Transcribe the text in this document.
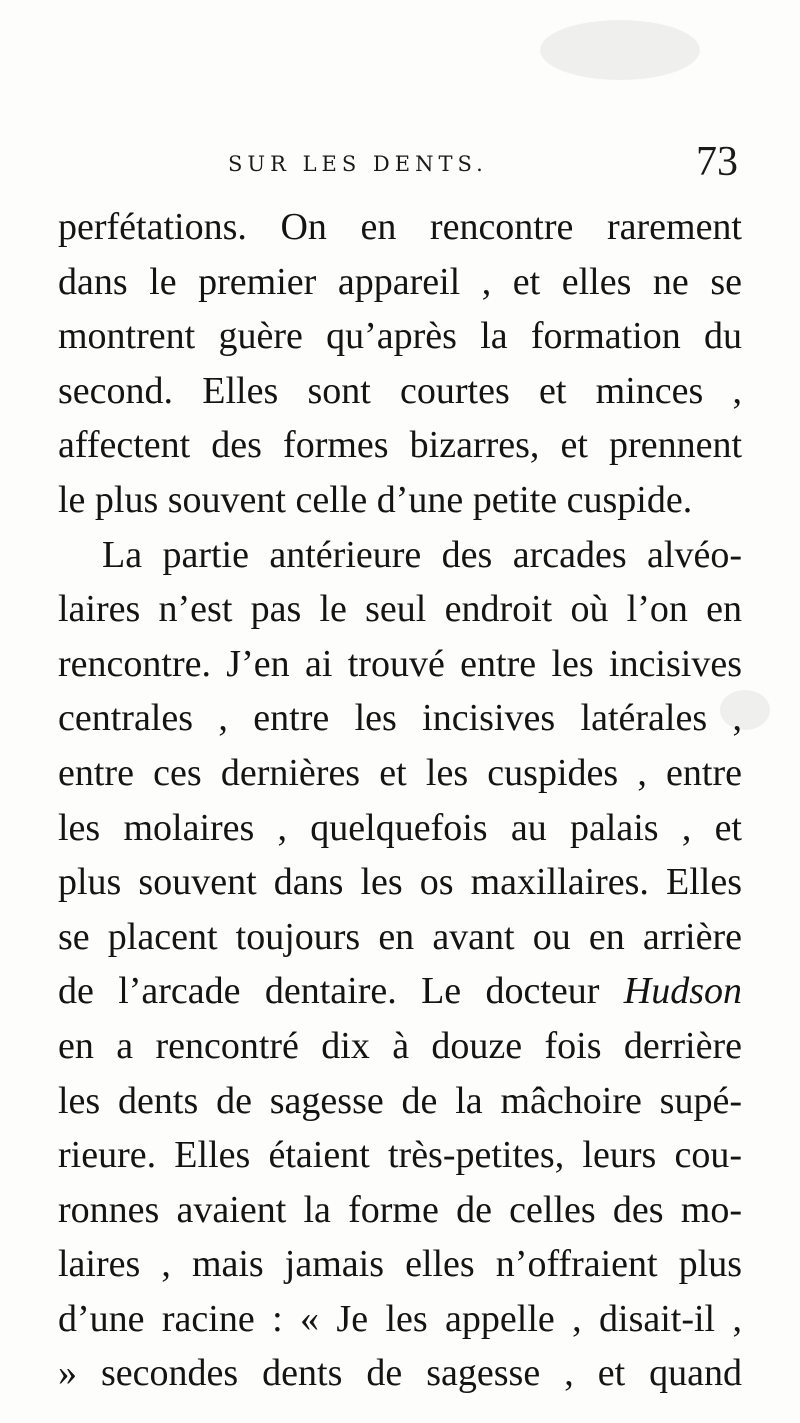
SUR LES DENTS.	73
perfétations. On en rencontre rarement
dans le premier appareil , et elles ne se
montrent guère qu’après la formation du
second. Elles sont courtes et minces ,
affectent des formes bizarres, et prennent
le plus souvent celle d’une petite cuspide.
La partie antérieure des arcades alvéo-
laires n’est pas le seul endroit où l’on en
rencontre. J’en ai trouvé entre les incisives
centrales , entre les incisives latérales ,
entre ces dernières et les cuspides , entre
les molaires , quelquefois au palais , et
plus souvent dans les os maxillaires. Elles
se placent toujours en avant ou en arrière
de l’arcade dentaire. Le docteur Hudson
en a rencontré dix à douze fois derrière
les dents de sagesse de la mâchoire supé-
rieure. Elles étaient très-petites, leurs cou-
ronnes avaient la forme de celles des mo-
laires , mais jamais elles n’offraient plus
d’une racine : « Je les appelle , disait-il ,
» secondes dents de sagesse , et quand
